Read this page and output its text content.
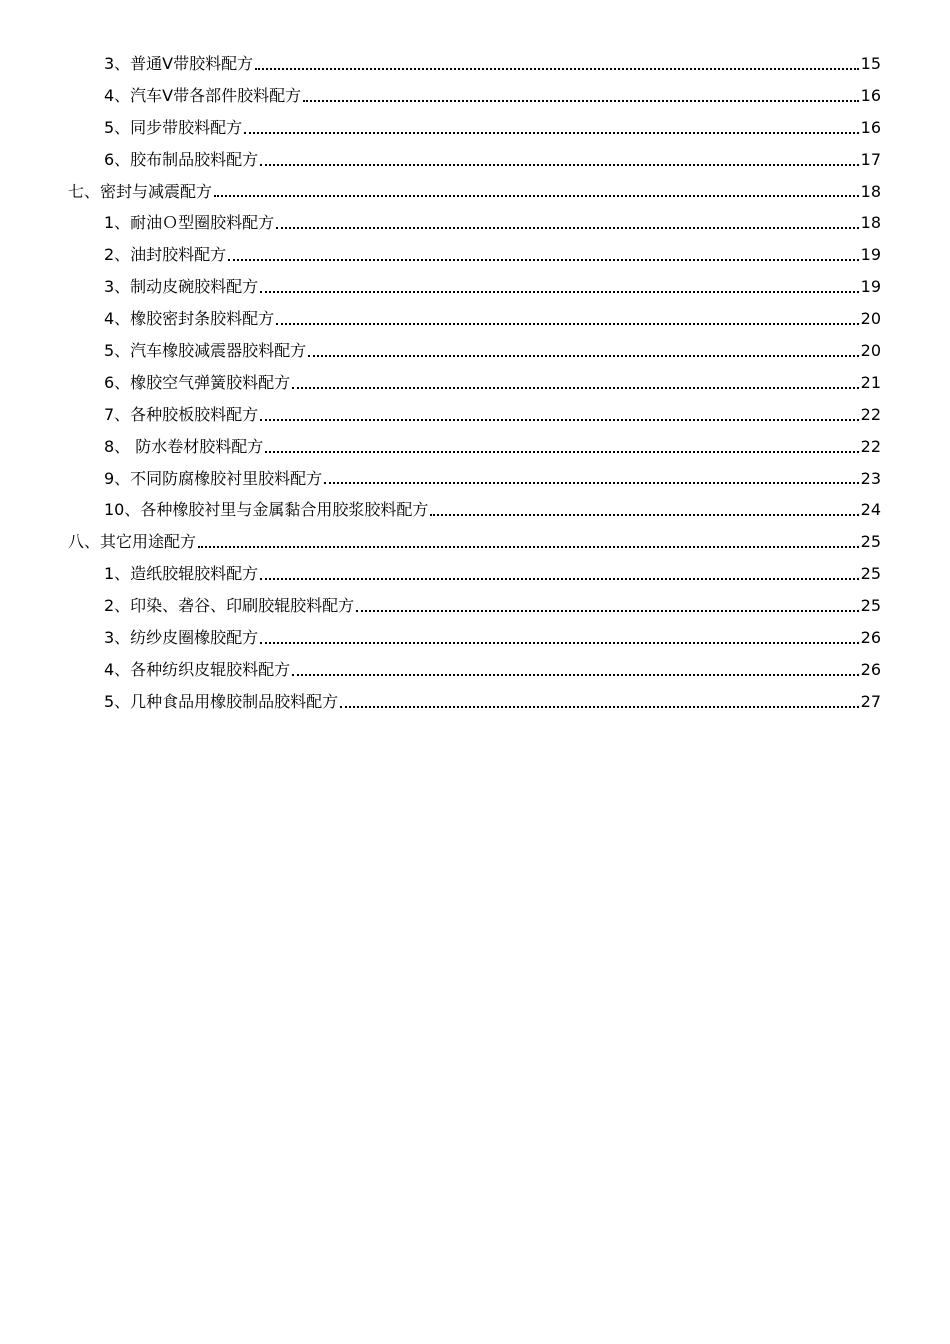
3、普通Ⅴ带胶料配方	15
4、汽车Ⅴ带各部件胶料配方	16
5、同步带胶料配方	16
6、胶布制品胶料配方	17
七、密封与减震配方	18
1、耐油Ｏ型圈胶料配方	18
2、油封胶料配方	19
3、制动皮碗胶料配方	19
4、橡胶密封条胶料配方	20
5、汽车橡胶减震器胶料配方	20
6、橡胶空气弹簧胶料配方	21
7、各种胶板胶料配方	22
8、 防水卷材胶料配方	22
9、不同防腐橡胶衬里胶料配方	23
10、各种橡胶衬里与金属黏合用胶浆胶料配方	24
八、其它用途配方	25
1、造纸胶辊胶料配方	25
2、印染、砻谷、印刷胶辊胶料配方	25
3、纺纱皮圈橡胶配方	26
4、各种纺织皮辊胶料配方	26
5、几种食品用橡胶制品胶料配方	27
